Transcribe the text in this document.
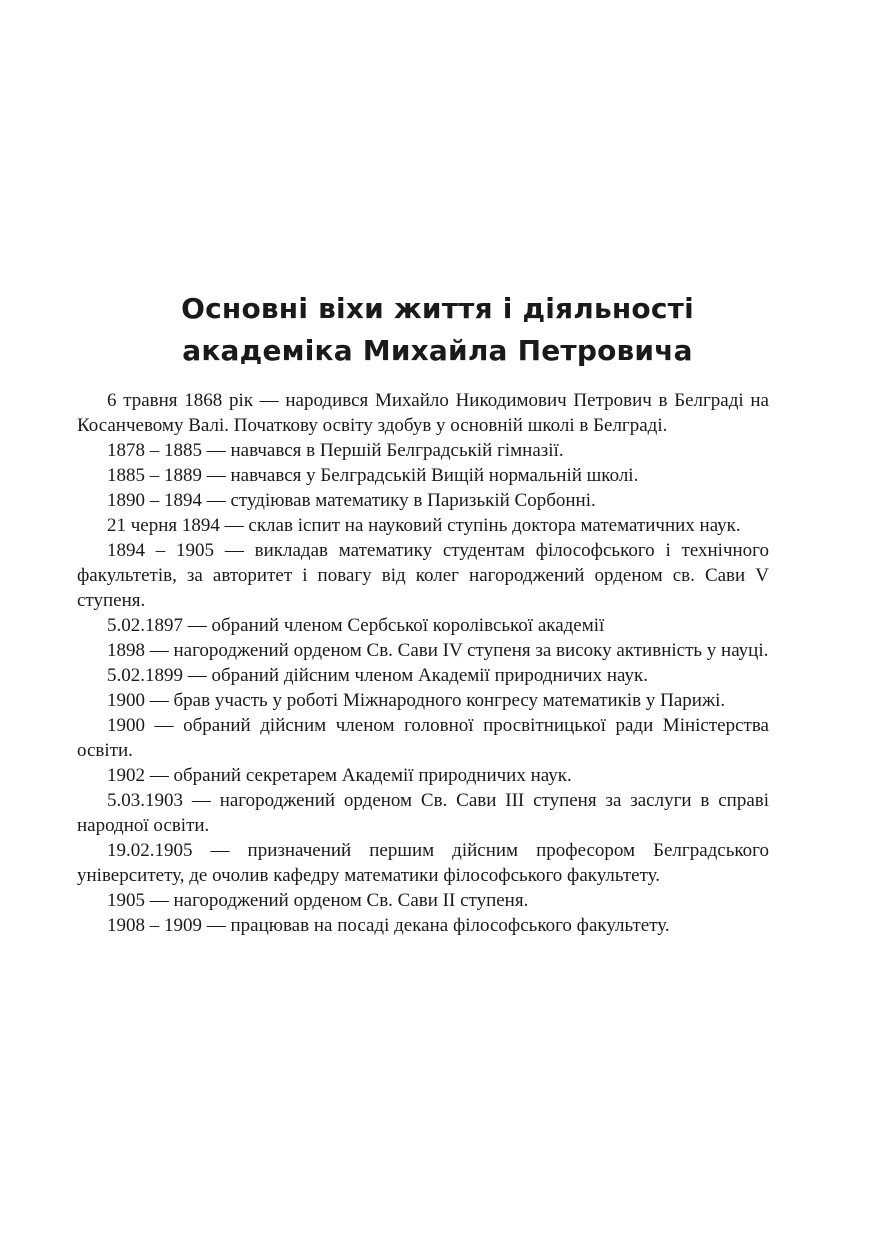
Основні віхи життя і діяльності
академіка Михайла Петровича

6 травня 1868 рік — народився Михайло Никодимович Петрович в Белграді на Косанчевому Валі. Початкову освіту здобув у основній школі в Белграді.

1878 – 1885 — навчався в Першій Белградській гімназії.

1885 – 1889 — навчався у Белградській Вищій нормальній школі.

1890 – 1894 — студіював математику в Паризькій Сорбонні.

21 черня 1894 — склав іспит на науковий ступінь доктора математичних наук.

1894 – 1905 — викладав математику студентам філософського і технічного факультетів, за авторитет і повагу від колег нагороджений орденом св. Сави V ступеня.

5.02.1897 — обраний членом Сербської королівської академії

1898 — нагороджений орденом Св. Сави IV ступеня за високу активність у науці.

5.02.1899 — обраний дійсним членом Академії природничих наук.

1900 — брав участь у роботі Міжнародного конгресу математиків у Парижі.

1900 — обраний дійсним членом головної просвітницької ради Міністерства освіти.

1902 — обраний секретарем Академії природничих наук.

5.03.1903 — нагороджений орденом Св. Сави III ступеня за заслуги в справі народної освіти.

19.02.1905 — призначений першим дійсним професором Белградського університету, де очолив кафедру математики філософського факультету.

1905 — нагороджений орденом Св. Сави II ступеня.

1908 – 1909 — працював на посаді декана філософського факультету.
